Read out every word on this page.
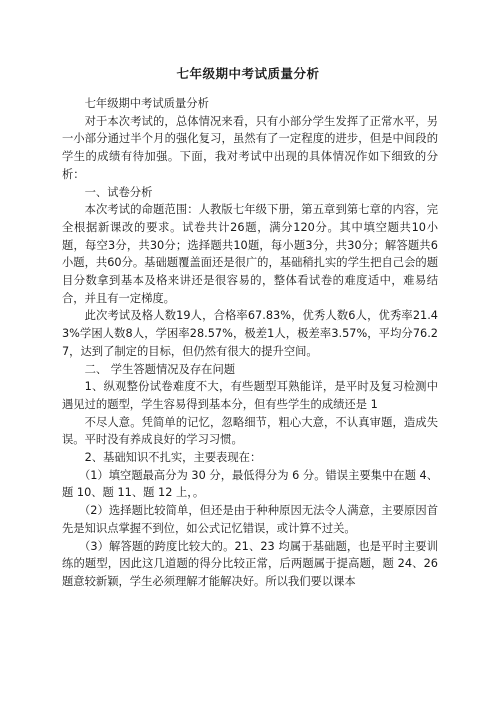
七年级期中考试质量分析

七年级期中考试质量分析

对于本次考试的，总体情况来看，只有小部分学生发挥了正常水平，另一小部分通过半个月的强化复习，虽然有了一定程度的进步，但是中间段的学生的成绩有待加强。下面，我对考试中出现的具体情况作如下细致的分析：

一、试卷分析

本次考试的命题范围：人教版七年级下册，第五章到第七章的内容，完全根据新课改的要求。试卷共计26题，满分120分。其中填空题共10小题，每空3分，共30分；选择题共10题，每小题3分，共30分；解答题共6小题，共60分。基础题覆盖面还是很广的，基础稍扎实的学生把自己会的题目分数拿到基本及格来讲还是很容易的，整体看试卷的难度适中，难易结合，并且有一定梯度。

此次考试及格人数19人，合格率67.83%，优秀人数6人，优秀率21.43%学困人数8人，学困率28.57%，极差1人，极差率3.57%，平均分76.27，达到了制定的目标，但仍然有很大的提升空间。

二、 学生答题情况及存在问题

1、纵观整份试卷难度不大，有些题型耳熟能详，是平时及复习检测中遇见过的题型，学生容易得到基本分，但有些学生的成绩还是 1

不尽人意。凭简单的记忆，忽略细节，粗心大意，不认真审题，造成失误。平时没有养成良好的学习习惯。

2、基础知识不扎实，主要表现在：

（1）填空题最高分为 30 分，最低得分为 6 分。错误主要集中在题 4、题 10、题 11、题 12 上，。

（2）选择题比较简单，但还是由于种种原因无法令人满意，主要原因首先是知识点掌握不到位，如公式记忆错误，或计算不过关。

（3）解答题的跨度比较大的。21、23 均属于基础题，也是平时主要训练的题型，因此这几道题的得分比较正常，后两题属于提高题，题 24、26 题意较新颖，学生必须理解才能解决好。所以我们要以课本
